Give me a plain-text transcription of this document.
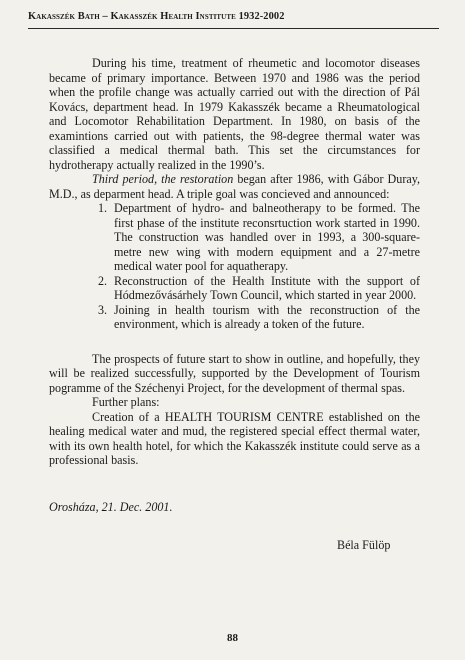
Kakasszék Bath – Kakasszék Health Institute 1932-2002

During his time, treatment of rheumetic and locomotor diseases became of primary importance. Between 1970 and 1986 was the period when the profile change was actually carried out with the direction of Pál Kovács, department head. In 1979 Kakasszék became a Rheumatological and Locomotor Rehabilitation Department. In 1980, on basis of the examintions carried out with patients, the 98-degree thermal water was classified a medical thermal bath. This set the circumstances for hydrotherapy actually realized in the 1990’s.

Third period, the restoration began after 1986, with Gábor Duray, M.D., as deparment head. A triple goal was concieved and announced:

1. Department of hydro- and balneotherapy to be formed. The first phase of the institute reconsrtuction work started in 1990. The construction was handled over in 1993, a 300-square-metre new wing with modern equipment and a 27-metre medical water pool for aquatherapy.
2. Reconstruction of the Health Institute with the support of Hódmezővásárhely Town Council, which started in year 2000.
3. Joining in health tourism with the reconstruction of the environment, which is already a token of the future.

The prospects of future start to show in outline, and hopefully, they will be realized successfully, supported by the Development of Tourism pogramme of the Széchenyi Project, for the development of thermal spas.

Further plans:

Creation of a HEALTH TOURISM CENTRE established on the healing medical water and mud, the registered special effect thermal water, with its own health hotel, for which the Kakasszék institute could serve as a professional basis.

Orosháza, 21. Dec. 2001.
Béla Fülöp
88
